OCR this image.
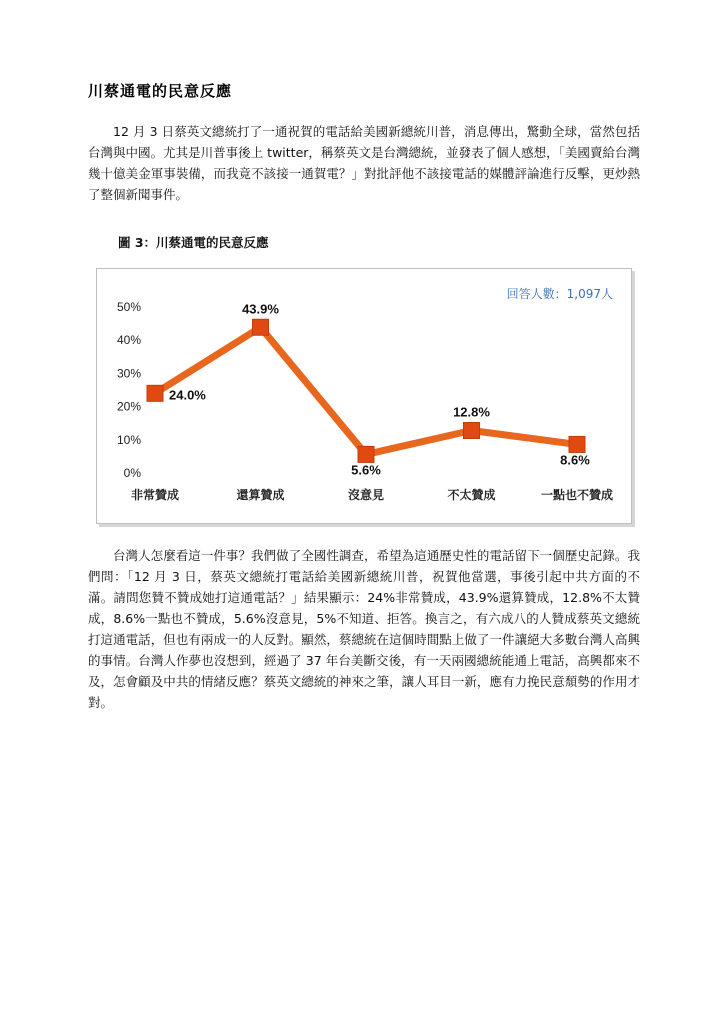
川蔡通電的民意反應

12 月 3 日蔡英文總統打了一通祝賀的電話給美國新總統川普，消息傳出，驚動全球，當然包括台灣與中國。尤其是川普事後上 twitter，稱蔡英文是台灣總統，並發表了個人感想，「美國賣給台灣幾十億美金軍事裝備，而我竟不該接一通賀電？」對批評他不該接電話的媒體評論進行反擊，更炒熱了整個新聞事件。

圖 3：川蔡通電的民意反應
回答人數：1,097人
0%
10%
20%
30%
40%
50%
非常贊成	還算贊成	沒意見	不太贊成	一點也不贊成
24.0%
43.9%
5.6%
12.8%
8.6%

台灣人怎麼看這一件事？我們做了全國性調查，希望為這通歷史性的電話留下一個歷史記錄。我們問：「12 月 3 日，蔡英文總統打電話給美國新總統川普，祝賀他當選，事後引起中共方面的不滿。請問您贊不贊成她打這通電話？」結果顯示：24%非常贊成，43.9%還算贊成，12.8%不太贊成，8.6%一點也不贊成，5.6%沒意見，5%不知道、拒答。換言之，有六成八的人贊成蔡英文總統打這通電話，但也有兩成一的人反對。顯然，蔡總統在這個時間點上做了一件讓絕大多數台灣人高興的事情。台灣人作夢也沒想到，經過了 37 年台美斷交後，有一天兩國總統能通上電話，高興都來不及，怎會顧及中共的情緒反應？蔡英文總統的神來之筆，讓人耳目一新，應有力挽民意頹勢的作用才對。
